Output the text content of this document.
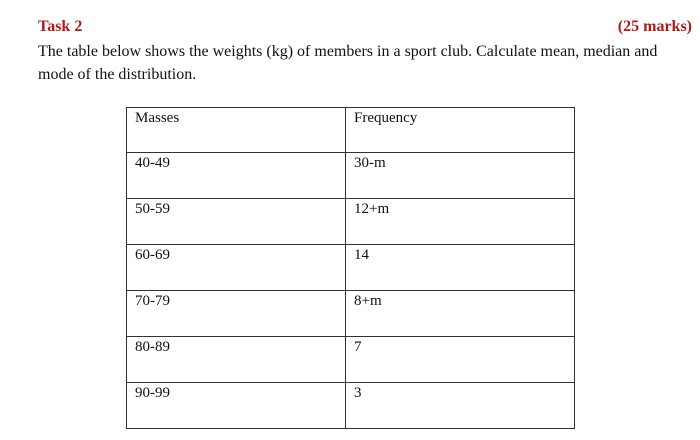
Task 2	(25 marks)
The table below shows the weights (kg) of members in a sport club. Calculate mean, median and mode of the distribution.
Masses	Frequency
40-49	30-m
50-59	12+m
60-69	14
70-79	8+m
80-89	7
90-99	3
